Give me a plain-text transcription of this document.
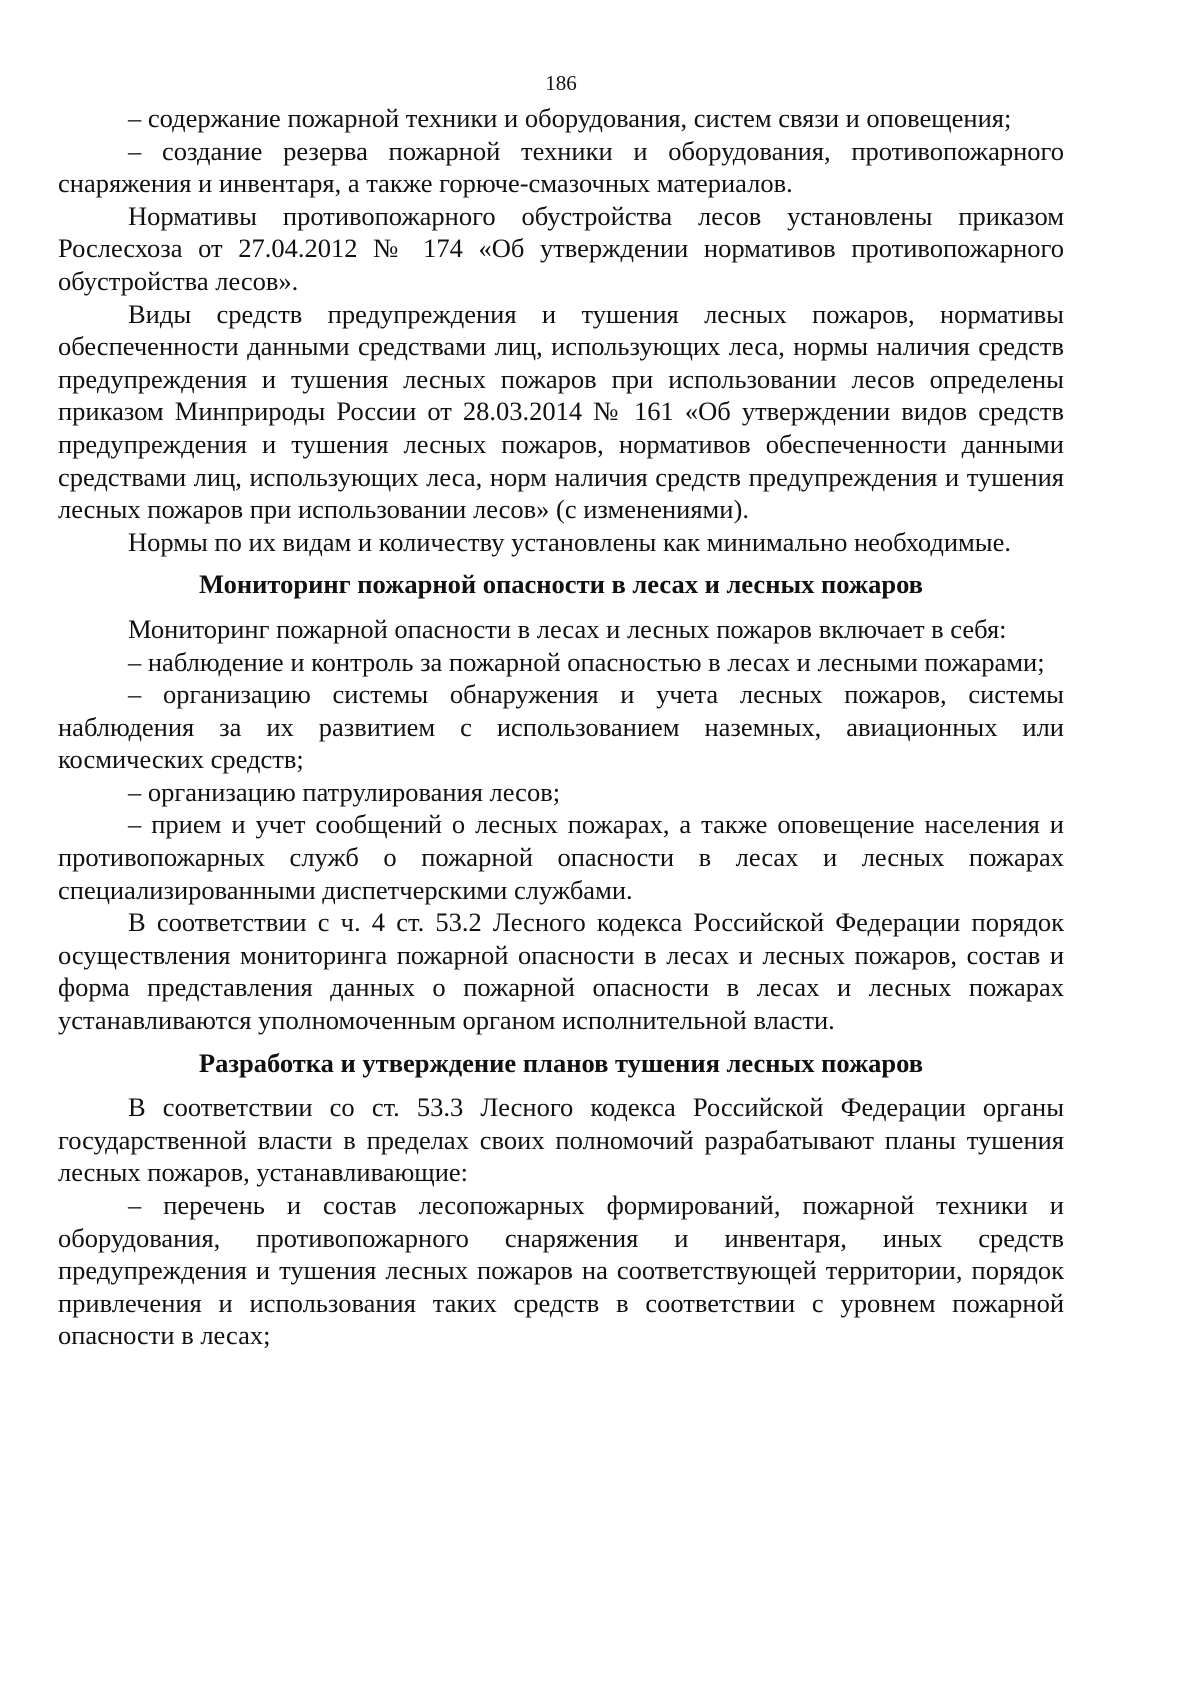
186

– содержание пожарной техники и оборудования, систем связи и оповещения;

– создание резерва пожарной техники и оборудования, противопожарного снаряжения и инвентаря, а также горюче-смазочных материалов.

Нормативы противопожарного обустройства лесов установлены приказом Рослесхоза от 27.04.2012 № 174 «Об утверждении нормативов противопожарного обустройства лесов».

Виды средств предупреждения и тушения лесных пожаров, нормативы обеспеченности данными средствами лиц, использующих леса, нормы наличия средств предупреждения и тушения лесных пожаров при использовании лесов определены приказом Минприроды России от 28.03.2014 № 161 «Об утверждении видов средств предупреждения и тушения лесных пожаров, нормативов обеспеченности данными средствами лиц, использующих леса, норм наличия средств предупреждения и тушения лесных пожаров при использовании лесов» (с изменениями).

Нормы по их видам и количеству установлены как минимально необходимые.

Мониторинг пожарной опасности в лесах и лесных пожаров

Мониторинг пожарной опасности в лесах и лесных пожаров включает в себя:

– наблюдение и контроль за пожарной опасностью в лесах и лесными пожарами;

– организацию системы обнаружения и учета лесных пожаров, системы наблюдения за их развитием с использованием наземных, авиационных или космических средств;

– организацию патрулирования лесов;

– прием и учет сообщений о лесных пожарах, а также оповещение населения и противопожарных служб о пожарной опасности в лесах и лесных пожарах специализированными диспетчерскими службами.

В соответствии с ч. 4 ст. 53.2 Лесного кодекса Российской Федерации порядок осуществления мониторинга пожарной опасности в лесах и лесных пожаров, состав и форма представления данных о пожарной опасности в лесах и лесных пожарах устанавливаются уполномоченным органом исполнительной власти.

Разработка и утверждение планов тушения лесных пожаров

В соответствии со ст. 53.3 Лесного кодекса Российской Федерации органы государственной власти в пределах своих полномочий разрабатывают планы тушения лесных пожаров, устанавливающие:

– перечень и состав лесопожарных формирований, пожарной техники и оборудования, противопожарного снаряжения и инвентаря, иных средств предупреждения и тушения лесных пожаров на соответствующей территории, порядок привлечения и использования таких средств в соответствии с уровнем пожарной опасности в лесах;
